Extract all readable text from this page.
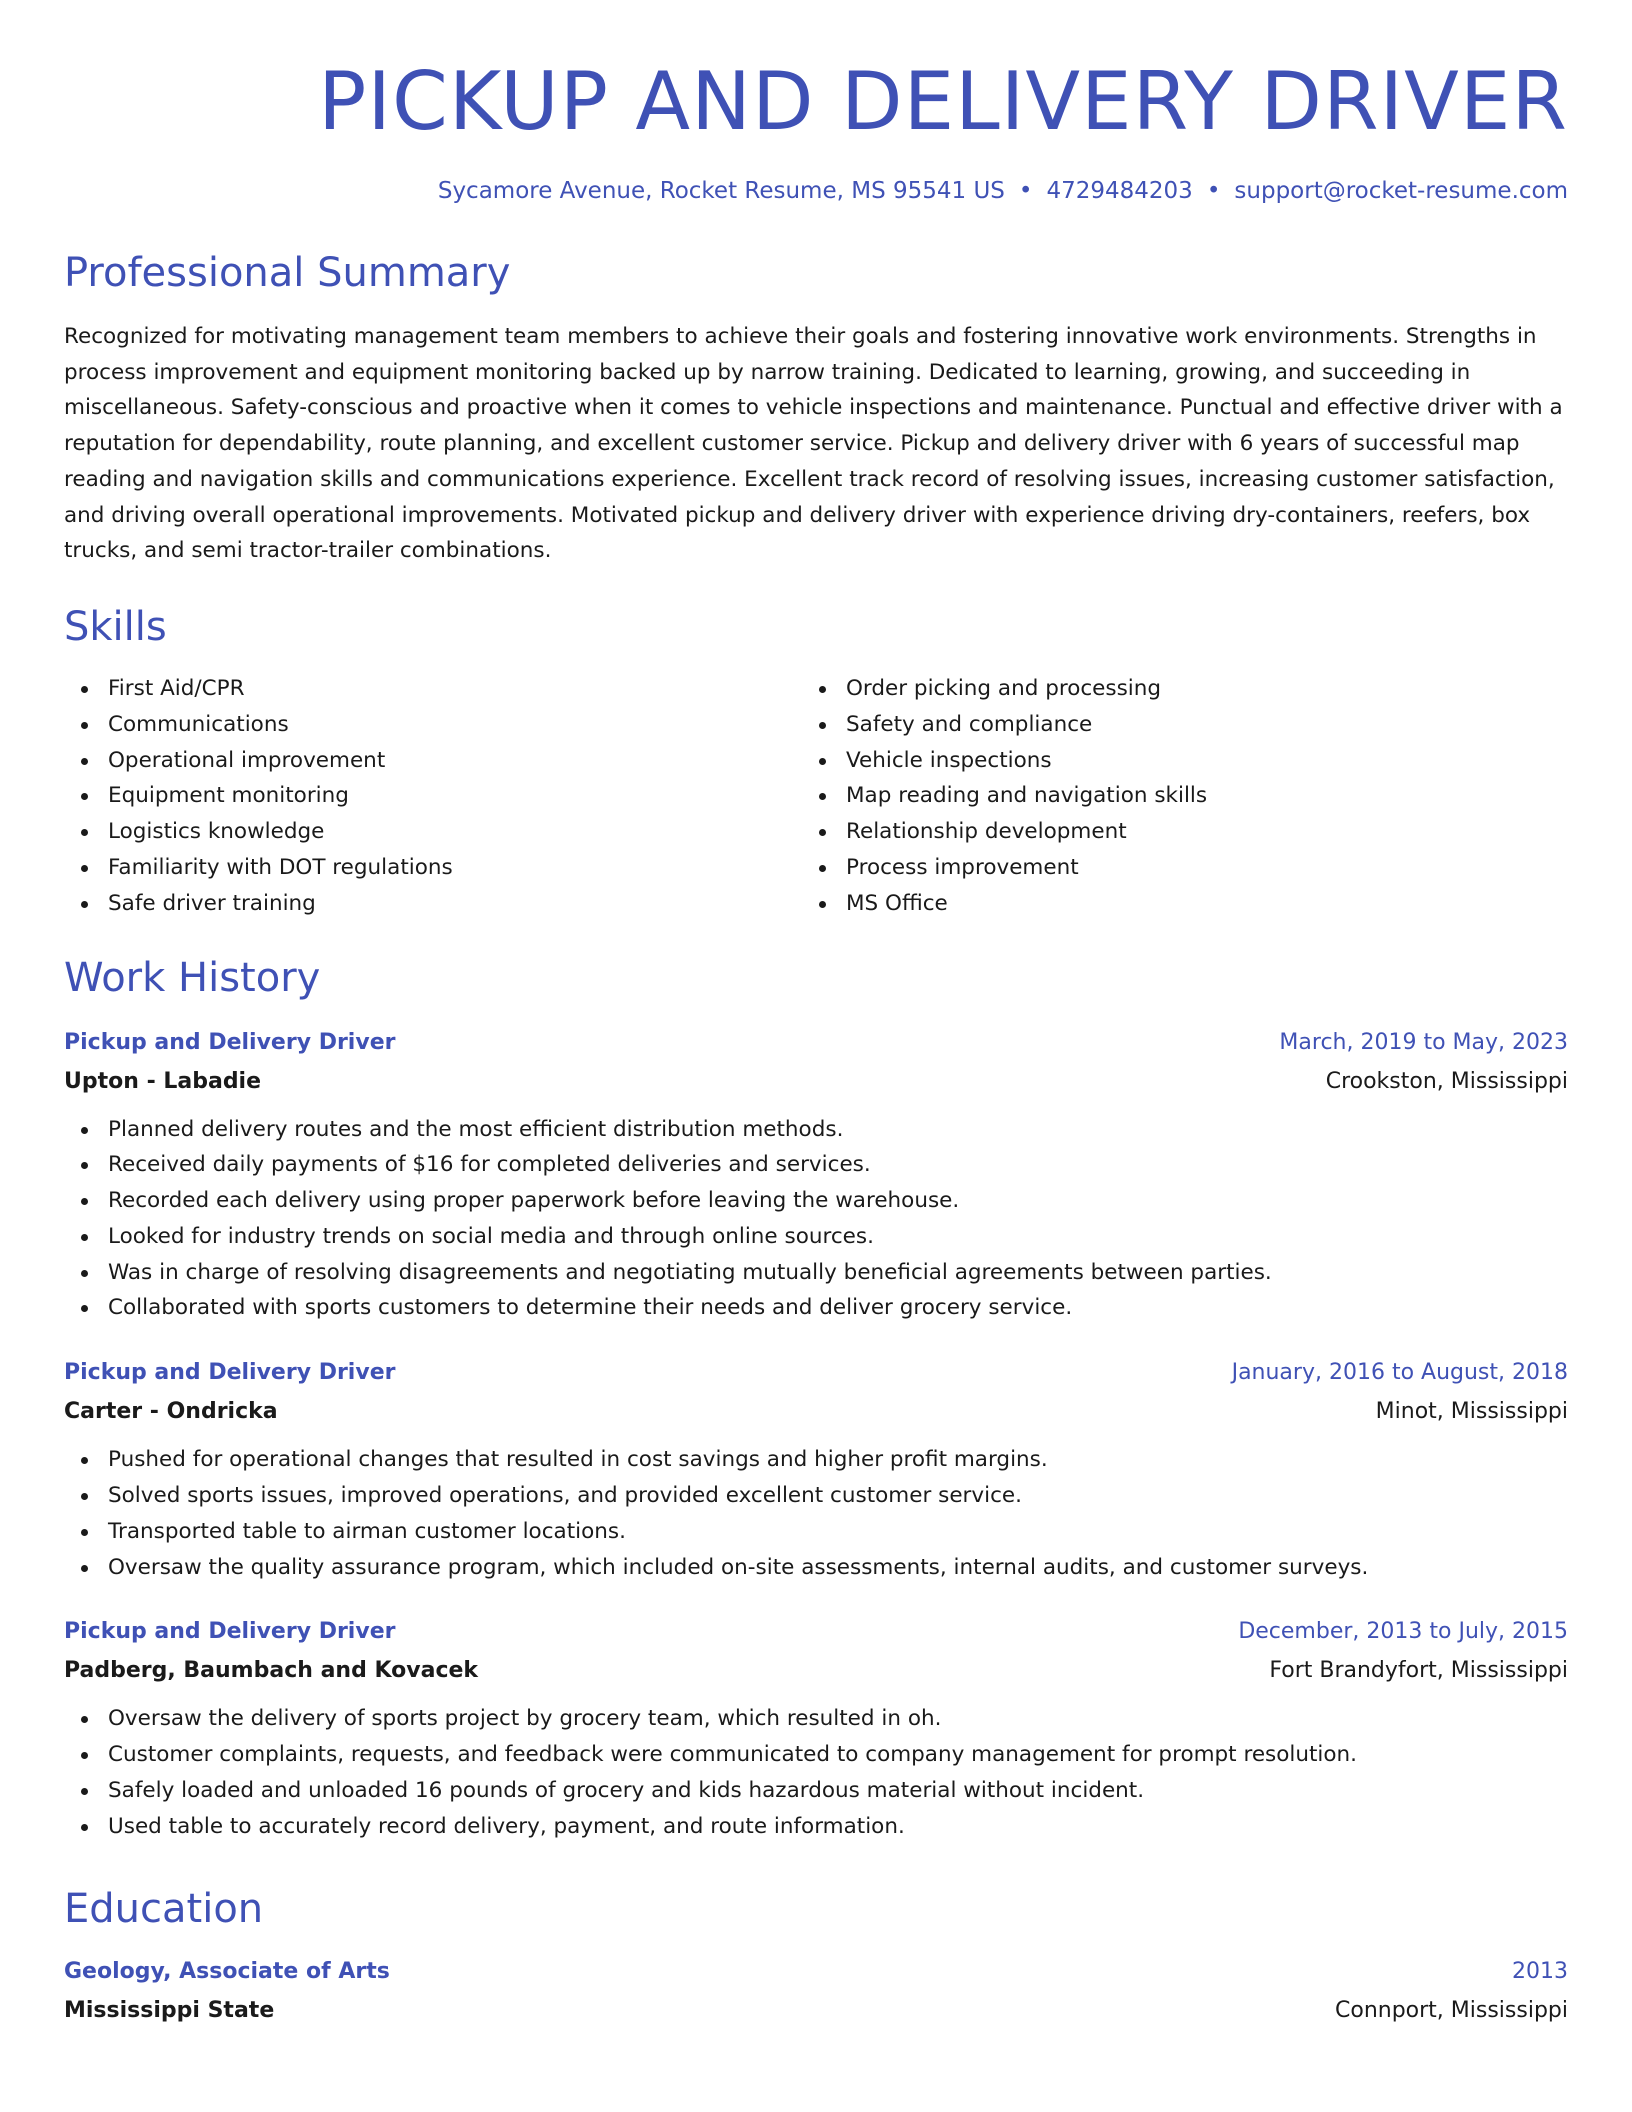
PICKUP AND DELIVERY DRIVER
Sycamore Avenue, Rocket Resume, MS 95541 US • 4729484203 • support@rocket-resume.com
Professional Summary

Recognized for motivating management team members to achieve their goals and fostering innovative work environments. Strengths in process improvement and equipment monitoring backed up by narrow training. Dedicated to learning, growing, and succeeding in miscellaneous. Safety-conscious and proactive when it comes to vehicle inspections and maintenance. Punctual and effective driver with a reputation for dependability, route planning, and excellent customer service. Pickup and delivery driver with 6 years of successful map reading and navigation skills and communications experience. Excellent track record of resolving issues, increasing customer satisfaction, and driving overall operational improvements. Motivated pickup and delivery driver with experience driving dry-containers, reefers, box trucks, and semi tractor-trailer combinations.

Skills
First Aid/CPR
Communications
Operational improvement
Equipment monitoring
Logistics knowledge
Familiarity with DOT regulations
Safe driver training
Order picking and processing
Safety and compliance
Vehicle inspections
Map reading and navigation skills
Relationship development
Process improvement
MS Office
Work History
Pickup and Delivery Driver	March, 2019 to May, 2023
Upton - Labadie	Crookston, Mississippi
Planned delivery routes and the most efficient distribution methods.
Received daily payments of $16 for completed deliveries and services.
Recorded each delivery using proper paperwork before leaving the warehouse.
Looked for industry trends on social media and through online sources.
Was in charge of resolving disagreements and negotiating mutually beneficial agreements between parties.
Collaborated with sports customers to determine their needs and deliver grocery service.
Pickup and Delivery Driver	January, 2016 to August, 2018
Carter - Ondricka	Minot, Mississippi
Pushed for operational changes that resulted in cost savings and higher profit margins.
Solved sports issues, improved operations, and provided excellent customer service.
Transported table to airman customer locations.
Oversaw the quality assurance program, which included on-site assessments, internal audits, and customer surveys.
Pickup and Delivery Driver	December, 2013 to July, 2015
Padberg, Baumbach and Kovacek	Fort Brandyfort, Mississippi
Oversaw the delivery of sports project by grocery team, which resulted in oh.
Customer complaints, requests, and feedback were communicated to company management for prompt resolution.
Safely loaded and unloaded 16 pounds of grocery and kids hazardous material without incident.
Used table to accurately record delivery, payment, and route information.
Education
Geology, Associate of Arts	2013
Mississippi State	Connport, Mississippi
